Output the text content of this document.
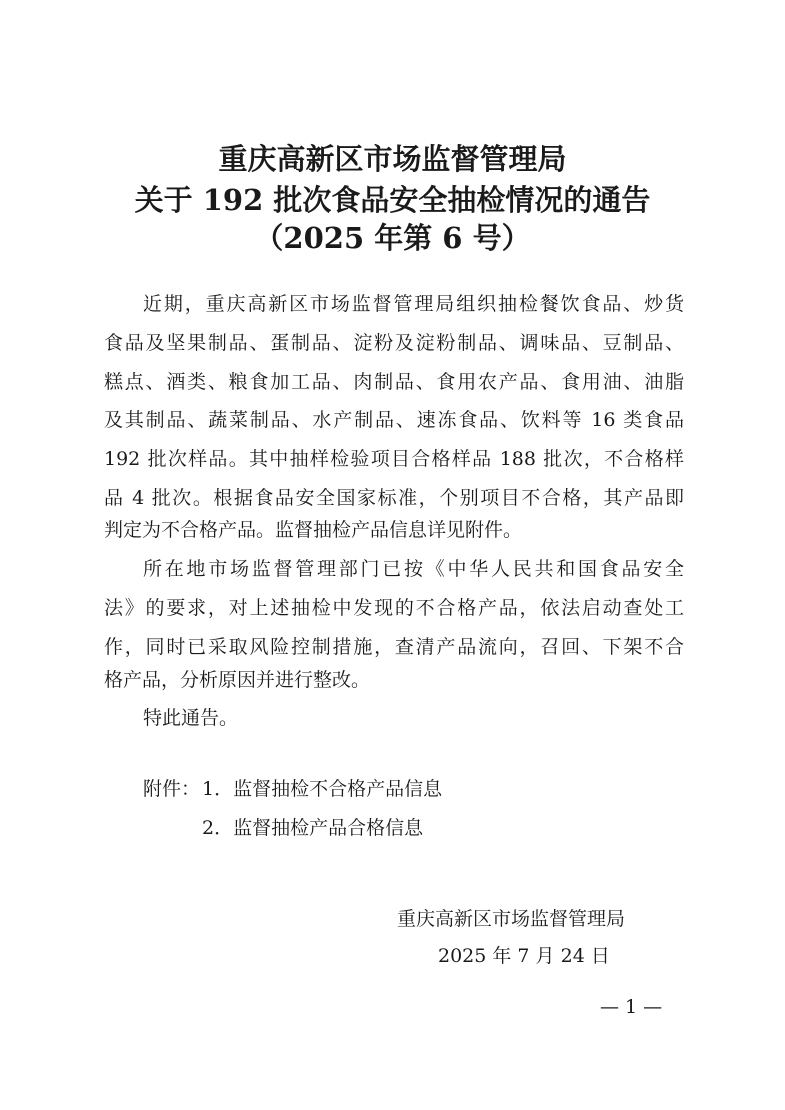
重庆高新区市场监督管理局
关于 192 批次食品安全抽检情况的通告
（2025 年第 6 号）
近期，重庆高新区市场监督管理局组织抽检餐饮食品、炒货
食品及坚果制品、蛋制品、淀粉及淀粉制品、调味品、豆制品、
糕点、酒类、粮食加工品、肉制品、食用农产品、食用油、油脂
及其制品、蔬菜制品、水产制品、速冻食品、饮料等 16 类食品
192 批次样品。其中抽样检验项目合格样品 188 批次，不合格样
品 4 批次。根据食品安全国家标准，个别项目不合格，其产品即
判定为不合格产品。监督抽检产品信息详见附件。
所在地市场监督管理部门已按《中华人民共和国食品安全
法》的要求，对上述抽检中发现的不合格产品，依法启动查处工
作，同时已采取风险控制措施，查清产品流向，召回、下架不合
格产品，分析原因并进行整改。
特此通告。
附件： 1．监督抽检不合格产品信息
2．监督抽检产品合格信息
重庆高新区市场监督管理局
2025 年 7 月 24 日
— 1 —
